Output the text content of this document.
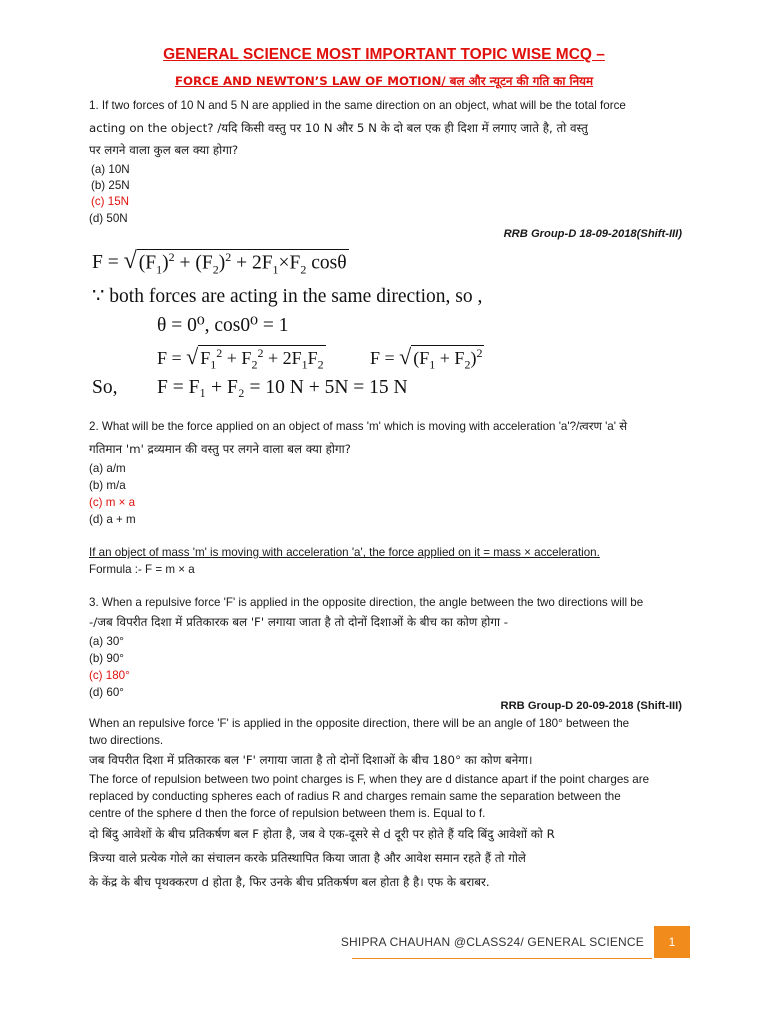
GENERAL SCIENCE MOST IMPORTANT TOPIC WISE MCQ –
FORCE AND NEWTON’S LAW OF MOTION/ बल और न्यूटन की गति का नियम
1. If two forces of 10 N and 5 N are applied in the same direction on an object, what will be the total force
acting on the object? /यदि किसी वस्तु पर 10 N और 5 N के दो बल एक ही दिशा में लगाए जाते है, तो वस्तु
पर लगने वाला कुल बल क्या होगा?
(a) 10N
(b) 25N
(c) 15N
(d) 50N
RRB Group-D 18-09-2018(Shift-III)
F = √ $(F_1)^2 + (F_2)^2 + 2F_1\times F_2$ cosθ
∵ both forces are acting in the same direction, so ,
θ = 0⁰, cos0⁰ = 1
F = √ $F_1^2 + F_2^2 + 2F_1F_2$	F = √ $(F_1 + F_2)^2$
So, F = F₁ + F₂ = 10 N + 5N = 15 N
2. What will be the force applied on an object of mass 'm' which is moving with acceleration 'a'?/त्वरण 'a' से
गतिमान 'm' द्रव्यमान की वस्तु पर लगने वाला बल क्या होगा?
(a) a/m
(b) m/a
(c) m × a
(d) a + m
If an object of mass 'm' is moving with acceleration 'a', the force applied on it = mass × acceleration.
Formula :- F = m × a
3. When a repulsive force 'F' is applied in the opposite direction, the angle between the two directions will be
-/जब विपरीत दिशा में प्रतिकारक बल 'F' लगाया जाता है तो दोनों दिशाओं के बीच का कोण होगा -
(a) 30°
(b) 90°
(c) 180°
(d) 60°
RRB Group-D 20-09-2018 (Shift-III)
When an repulsive force 'F' is applied in the opposite direction, there will be an angle of 180° between the
two directions.
जब विपरीत दिशा में प्रतिकारक बल 'F' लगाया जाता है तो दोनों दिशाओं के बीच 180° का कोण बनेगा।
The force of repulsion between two point charges is F, when they are d distance apart if the point charges are
replaced by conducting spheres each of radius R and charges remain same the separation between the
centre of the sphere d then the force of repulsion between them is. Equal to f.
दो बिंदु आवेशों के बीच प्रतिकर्षण बल F होता है, जब वे एक-दूसरे से d दूरी पर होते हैं यदि बिंदु आवेशों को R
त्रिज्या वाले प्रत्येक गोले का संचालन करके प्रतिस्थापित किया जाता है और आवेश समान रहते हैं तो गोले
के केंद्र के बीच पृथक्करण d होता है, फिर उनके बीच प्रतिकर्षण बल होता है है। एफ के बराबर.
SHIPRA CHAUHAN @CLASS24/ GENERAL SCIENCE	1
